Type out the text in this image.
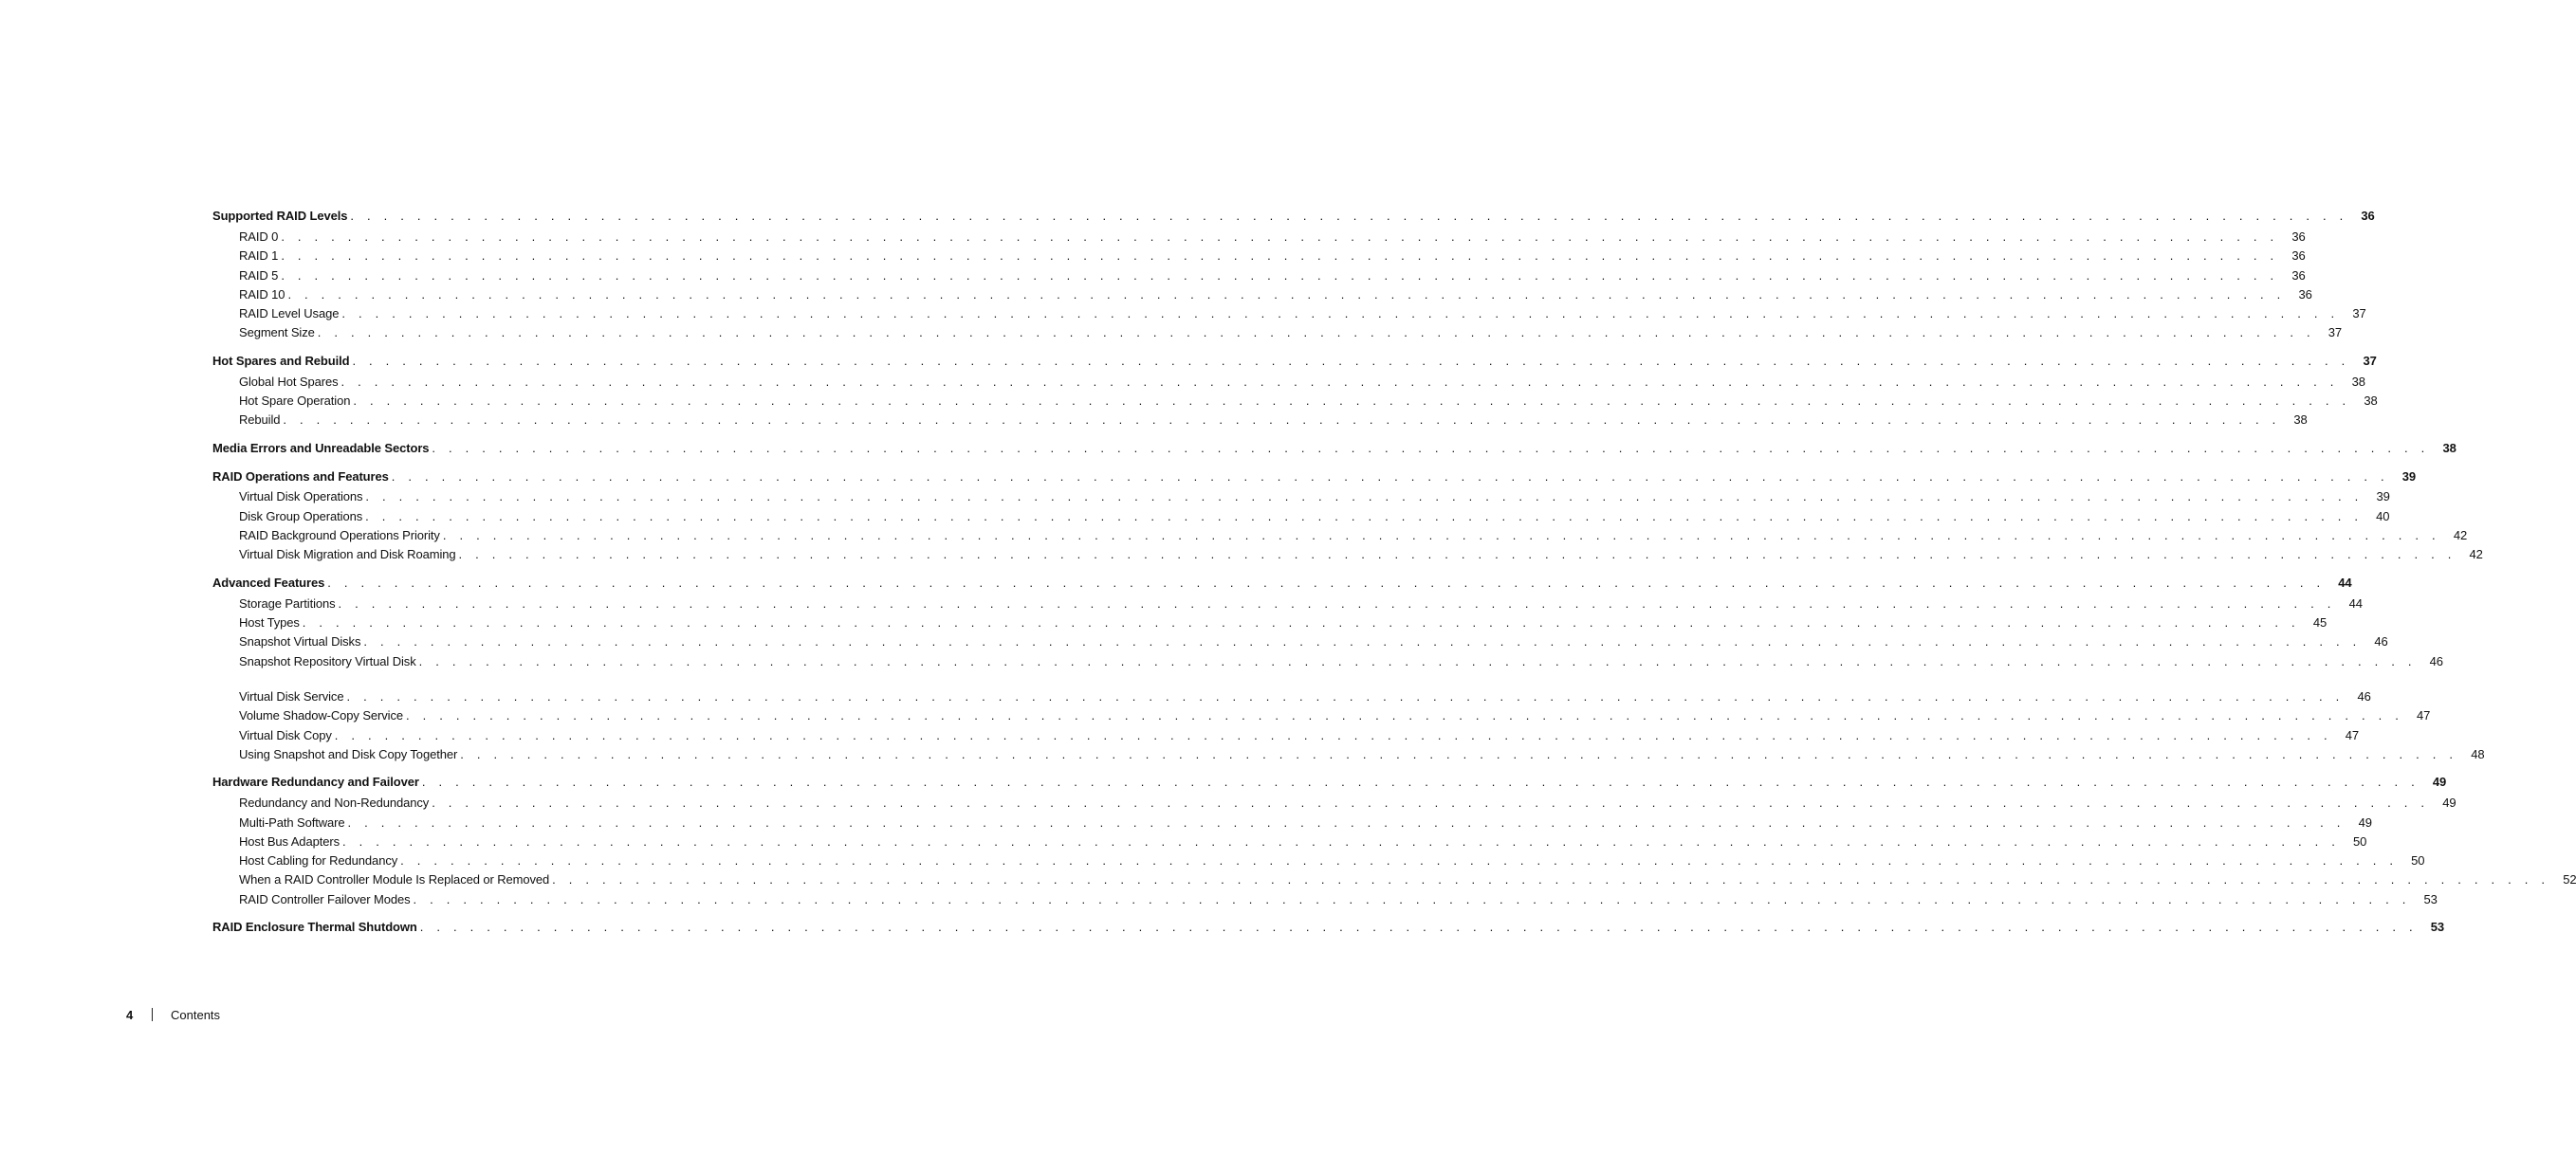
Supported RAID Levels . . . . . . . . . . . . . . . . . . . . . . . . . . . . . . . . . . . . . . . . . . . . . . . . . . . . . . . . . . . . . . . . . . . . . . . . . . . . . . . . . . . . . . . . . . . . . . . . . . . . . . . . . . . . . . . . . . . . . . . . 36
RAID 0 . . . . . . . . . . . . . . . . . . . . . . . . . . . . . . . . . . . . . . . . . . . . . . . . . . . . . . . . . . . . . . . . . . . . . . . . . . . . . . . . . . . . . . . . . . . . . . . . . . . . . . . . . . . . . . . . . . . . . . . . 36
RAID 1 . . . . . . . . . . . . . . . . . . . . . . . . . . . . . . . . . . . . . . . . . . . . . . . . . . . . . . . . . . . . . . . . . . . . . . . . . . . . . . . . . . . . . . . . . . . . . . . . . . . . . . . . . . . . . . . . . . . . . . . . 36
RAID 5 . . . . . . . . . . . . . . . . . . . . . . . . . . . . . . . . . . . . . . . . . . . . . . . . . . . . . . . . . . . . . . . . . . . . . . . . . . . . . . . . . . . . . . . . . . . . . . . . . . . . . . . . . . . . . . . . . . . . . . . . 36
RAID 10 . . . . . . . . . . . . . . . . . . . . . . . . . . . . . . . . . . . . . . . . . . . . . . . . . . . . . . . . . . . . . . . . . . . . . . . . . . . . . . . . . . . . . . . . . . . . . . . . . . . . . . . . . . . . . . . . . . . . . . . . 36
RAID Level Usage . . . . . . . . . . . . . . . . . . . . . . . . . . . . . . . . . . . . . . . . . . . . . . . . . . . . . . . . . . . . . . . . . . . . . . . . . . . . . . . . . . . . . . . . . . . . . . . . . . . . . . . . . . . . . . . . . . . . . . . . 37
Segment Size . . . . . . . . . . . . . . . . . . . . . . . . . . . . . . . . . . . . . . . . . . . . . . . . . . . . . . . . . . . . . . . . . . . . . . . . . . . . . . . . . . . . . . . . . . . . . . . . . . . . . . . . . . . . . . . . . . . . . . . . 37
Hot Spares and Rebuild . . . . . . . . . . . . . . . . . . . . . . . . . . . . . . . . . . . . . . . . . . . . . . . . . . . . . . . . . . . . . . . . . . . . . . . . . . . . . . . . . . . . . . . . . . . . . . . . . . . . . . . . . . . . . . . . . . . . . . . . 37
Global Hot Spares . . . . . . . . . . . . . . . . . . . . . . . . . . . . . . . . . . . . . . . . . . . . . . . . . . . . . . . . . . . . . . . . . . . . . . . . . . . . . . . . . . . . . . . . . . . . . . . . . . . . . . . . . . . . . . . . . . . . . . . . 38
Hot Spare Operation . . . . . . . . . . . . . . . . . . . . . . . . . . . . . . . . . . . . . . . . . . . . . . . . . . . . . . . . . . . . . . . . . . . . . . . . . . . . . . . . . . . . . . . . . . . . . . . . . . . . . . . . . . . . . . . . . . . . . . . . 38
Rebuild . . . . . . . . . . . . . . . . . . . . . . . . . . . . . . . . . . . . . . . . . . . . . . . . . . . . . . . . . . . . . . . . . . . . . . . . . . . . . . . . . . . . . . . . . . . . . . . . . . . . . . . . . . . . . . . . . . . . . . . . 38
Media Errors and Unreadable Sectors . . . . . . . . . . . . . . . . . . . . . . . . . . . . . . . . . . . . . . . . . . . . . . . . . . . . . . . . . . . . . . . . . . . . . . . . . . . . . . . . . . . . . . . . . . . . . . . . . . . . . . . . . . . . . . . . . . . . . . . . 38
RAID Operations and Features . . . . . . . . . . . . . . . . . . . . . . . . . . . . . . . . . . . . . . . . . . . . . . . . . . . . . . . . . . . . . . . . . . . . . . . . . . . . . . . . . . . . . . . . . . . . . . . . . . . . . . . . . . . . . . . . . . . . . . . . 39
Virtual Disk Operations . . . . . . . . . . . . . . . . . . . . . . . . . . . . . . . . . . . . . . . . . . . . . . . . . . . . . . . . . . . . . . . . . . . . . . . . . . . . . . . . . . . . . . . . . . . . . . . . . . . . . . . . . . . . . . . . . . . . . . . . 39
Disk Group Operations . . . . . . . . . . . . . . . . . . . . . . . . . . . . . . . . . . . . . . . . . . . . . . . . . . . . . . . . . . . . . . . . . . . . . . . . . . . . . . . . . . . . . . . . . . . . . . . . . . . . . . . . . . . . . . . . . . . . . . . . 40
RAID Background Operations Priority . . . . . . . . . . . . . . . . . . . . . . . . . . . . . . . . . . . . . . . . . . . . . . . . . . . . . . . . . . . . . . . . . . . . . . . . . . . . . . . . . . . . . . . . . . . . . . . . . . . . . . . . . . . . . . . . . . . . . . . . 42
Virtual Disk Migration and Disk Roaming . . . . . . . . . . . . . . . . . . . . . . . . . . . . . . . . . . . . . . . . . . . . . . . . . . . . . . . . . . . . . . . . . . . . . . . . . . . . . . . . . . . . . . . . . . . . . . . . . . . . . . . . . . . . . . . . . . . . . . . . 42
Advanced Features . . . . . . . . . . . . . . . . . . . . . . . . . . . . . . . . . . . . . . . . . . . . . . . . . . . . . . . . . . . . . . . . . . . . . . . . . . . . . . . . . . . . . . . . . . . . . . . . . . . . . . . . . . . . . . . . . . . . . . . . 44
Storage Partitions . . . . . . . . . . . . . . . . . . . . . . . . . . . . . . . . . . . . . . . . . . . . . . . . . . . . . . . . . . . . . . . . . . . . . . . . . . . . . . . . . . . . . . . . . . . . . . . . . . . . . . . . . . . . . . . . . . . . . . . . 44
Host Types . . . . . . . . . . . . . . . . . . . . . . . . . . . . . . . . . . . . . . . . . . . . . . . . . . . . . . . . . . . . . . . . . . . . . . . . . . . . . . . . . . . . . . . . . . . . . . . . . . . . . . . . . . . . . . . . . . . . . . . . 45
Snapshot Virtual Disks . . . . . . . . . . . . . . . . . . . . . . . . . . . . . . . . . . . . . . . . . . . . . . . . . . . . . . . . . . . . . . . . . . . . . . . . . . . . . . . . . . . . . . . . . . . . . . . . . . . . . . . . . . . . . . . . . . . . . . . . 46
Snapshot Repository Virtual Disk . . . . . . . . . . . . . . . . . . . . . . . . . . . . . . . . . . . . . . . . . . . . . . . . . . . . . . . . . . . . . . . . . . . . . . . . . . . . . . . . . . . . . . . . . . . . . . . . . . . . . . . . . . . . . . . . . . . . . . . . 46
Virtual Disk Service . . . . . . . . . . . . . . . . . . . . . . . . . . . . . . . . . . . . . . . . . . . . . . . . . . . . . . . . . . . . . . . . . . . . . . . . . . . . . . . . . . . . . . . . . . . . . . . . . . . . . . . . . . . . . . . . . . . . . . . . 46
Volume Shadow-Copy Service . . . . . . . . . . . . . . . . . . . . . . . . . . . . . . . . . . . . . . . . . . . . . . . . . . . . . . . . . . . . . . . . . . . . . . . . . . . . . . . . . . . . . . . . . . . . . . . . . . . . . . . . . . . . . . . . . . . . . . . . 47
Virtual Disk Copy . . . . . . . . . . . . . . . . . . . . . . . . . . . . . . . . . . . . . . . . . . . . . . . . . . . . . . . . . . . . . . . . . . . . . . . . . . . . . . . . . . . . . . . . . . . . . . . . . . . . . . . . . . . . . . . . . . . . . . . . 47
Using Snapshot and Disk Copy Together . . . . . . . . . . . . . . . . . . . . . . . . . . . . . . . . . . . . . . . . . . . . . . . . . . . . . . . . . . . . . . . . . . . . . . . . . . . . . . . . . . . . . . . . . . . . . . . . . . . . . . . . . . . . . . . . . . . . . . . . 48
Hardware Redundancy and Failover . . . . . . . . . . . . . . . . . . . . . . . . . . . . . . . . . . . . . . . . . . . . . . . . . . . . . . . . . . . . . . . . . . . . . . . . . . . . . . . . . . . . . . . . . . . . . . . . . . . . . . . . . . . . . . . . . . . . . . . . 49
Redundancy and Non-Redundancy . . . . . . . . . . . . . . . . . . . . . . . . . . . . . . . . . . . . . . . . . . . . . . . . . . . . . . . . . . . . . . . . . . . . . . . . . . . . . . . . . . . . . . . . . . . . . . . . . . . . . . . . . . . . . . . . . . . . . . . . 49
Multi-Path Software . . . . . . . . . . . . . . . . . . . . . . . . . . . . . . . . . . . . . . . . . . . . . . . . . . . . . . . . . . . . . . . . . . . . . . . . . . . . . . . . . . . . . . . . . . . . . . . . . . . . . . . . . . . . . . . . . . . . . . . . 49
Host Bus Adapters . . . . . . . . . . . . . . . . . . . . . . . . . . . . . . . . . . . . . . . . . . . . . . . . . . . . . . . . . . . . . . . . . . . . . . . . . . . . . . . . . . . . . . . . . . . . . . . . . . . . . . . . . . . . . . . . . . . . . . . . 50
Host Cabling for Redundancy . . . . . . . . . . . . . . . . . . . . . . . . . . . . . . . . . . . . . . . . . . . . . . . . . . . . . . . . . . . . . . . . . . . . . . . . . . . . . . . . . . . . . . . . . . . . . . . . . . . . . . . . . . . . . . . . . . . . . . . . 50
When a RAID Controller Module Is Replaced or Removed . . . . . . . . . . . . . . . . . . . . . . . . . . . . . . . . . . . . . . . . . . . . . . . . . . . . . . . . . . . . . . . . . . . . . . . . . . . . . . . . . . . . . . . . . . . . . . . . . . . . . . . . . . . . . . . . . . . . . . . . 52
RAID Controller Failover Modes . . . . . . . . . . . . . . . . . . . . . . . . . . . . . . . . . . . . . . . . . . . . . . . . . . . . . . . . . . . . . . . . . . . . . . . . . . . . . . . . . . . . . . . . . . . . . . . . . . . . . . . . . . . . . . . . . . . . . . . . 53
RAID Enclosure Thermal Shutdown . . . . . . . . . . . . . . . . . . . . . . . . . . . . . . . . . . . . . . . . . . . . . . . . . . . . . . . . . . . . . . . . . . . . . . . . . . . . . . . . . . . . . . . . . . . . . . . . . . . . . . . . . . . . . . . . . . . . . . . . 53
4	Contents
